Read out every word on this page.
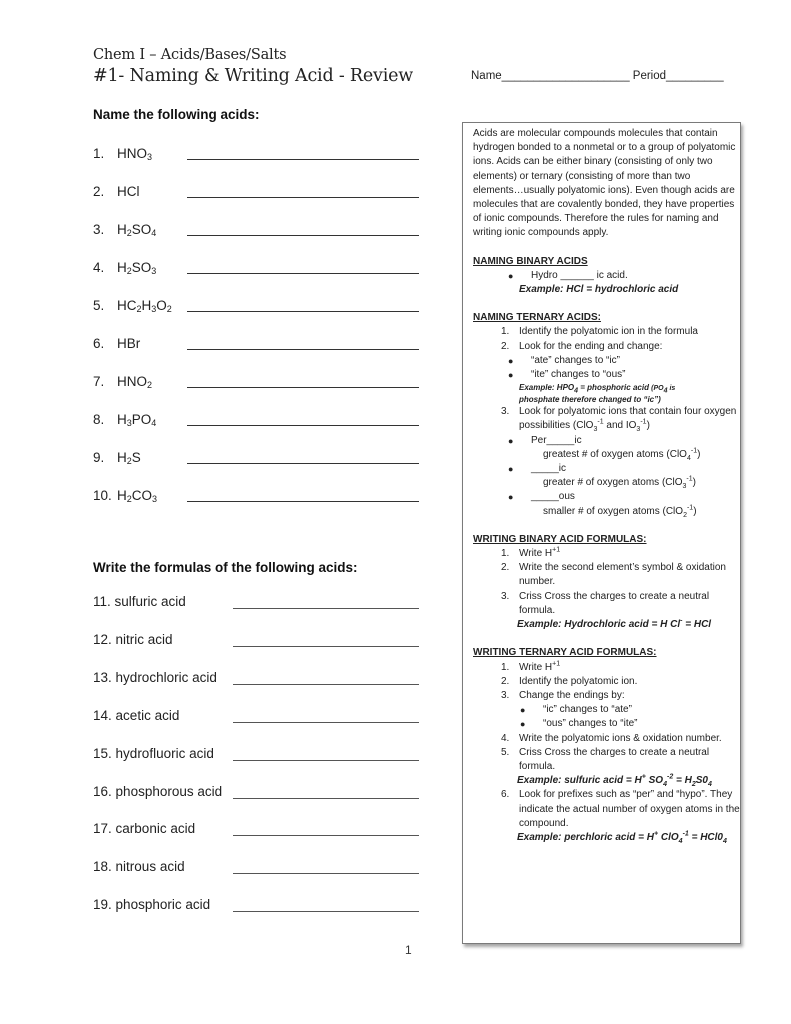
Chem I – Acids/Bases/Salts
#1- Naming & Writing Acid - Review	Name____________________ Period_________
Name the following acids:
1. $HNO_3$
2. HCl
3. $H_2SO_4$
4. $H_2SO_3$
5. $HC_2H_3O_2$
6. HBr
7. $HNO_2$
8. $H_3PO_4$
9. $H_2S$
10. $H_2CO_3$
Write the formulas of the following acids:
11. sulfuric acid
12. nitric acid
13. hydrochloric acid
14. acetic acid
15. hydrofluoric acid
16. phosphorous acid
17. carbonic acid
18. nitrous acid
19. phosphoric acid

Acids are molecular compounds molecules that contain hydrogen bonded to a nonmetal or to a group of polyatomic ions. Acids can be either binary (consisting of only two elements) or ternary (consisting of more than two elements…usually polyatomic ions). Even though acids are molecules that are covalently bonded, they have properties of ionic compounds. Therefore the rules for naming and writing ionic compounds apply.

NAMING BINARY ACIDS

● Hydro ______ ic acid.

Example: HCl = hydrochloric acid

NAMING TERNARY ACIDS:

1. Identify the polyatomic ion in the formula
2. Look for the ending and change:
● “ate” changes to “ic”
● “ite” changes to “ous”

Example: $HPO_4$ = phosphoric acid ($PO_4$ is

phosphate therefore changed to “ic”)

3. Look for polyatomic ions that contain four oxygen possibilities (ClO$_3^{-1}$ and $IO_3^{-1}$)
● Per_____ic

greatest # of oxygen atoms (ClO$_4^{-1}$)

● _____ic

greater # of oxygen atoms (ClO$_3^{-1}$)

● _____ous

smaller # of oxygen atoms (ClO$_2^{-1}$)

WRITING BINARY ACID FORMULAS:

1. Write $H^{+1}$
2. Write the second element’s symbol & oxidation number.
3. Criss Cross the charges to create a neutral formula.

Example: Hydrochloric acid = H Cl- = HCl

WRITING TERNARY ACID FORMULAS:

1. Write $H^{+1}$
2. Identify the polyatomic ion.
3. Change the endings by:
● “ic” changes to “ate”
● “ous” changes to “ite”
4. Write the polyatomic ions & oxidation number.
5. Criss Cross the charges to create a neutral formula.

Example: sulfuric acid = H+ $SO_4^{-2} = H_2S0_4$

6. Look for prefixes such as “per” and “hypo”. They indicate the actual number of oxygen atoms in the compound.

Example: perchloric acid = H+ $ClO_4^{-1} = HCl0_4$

1
